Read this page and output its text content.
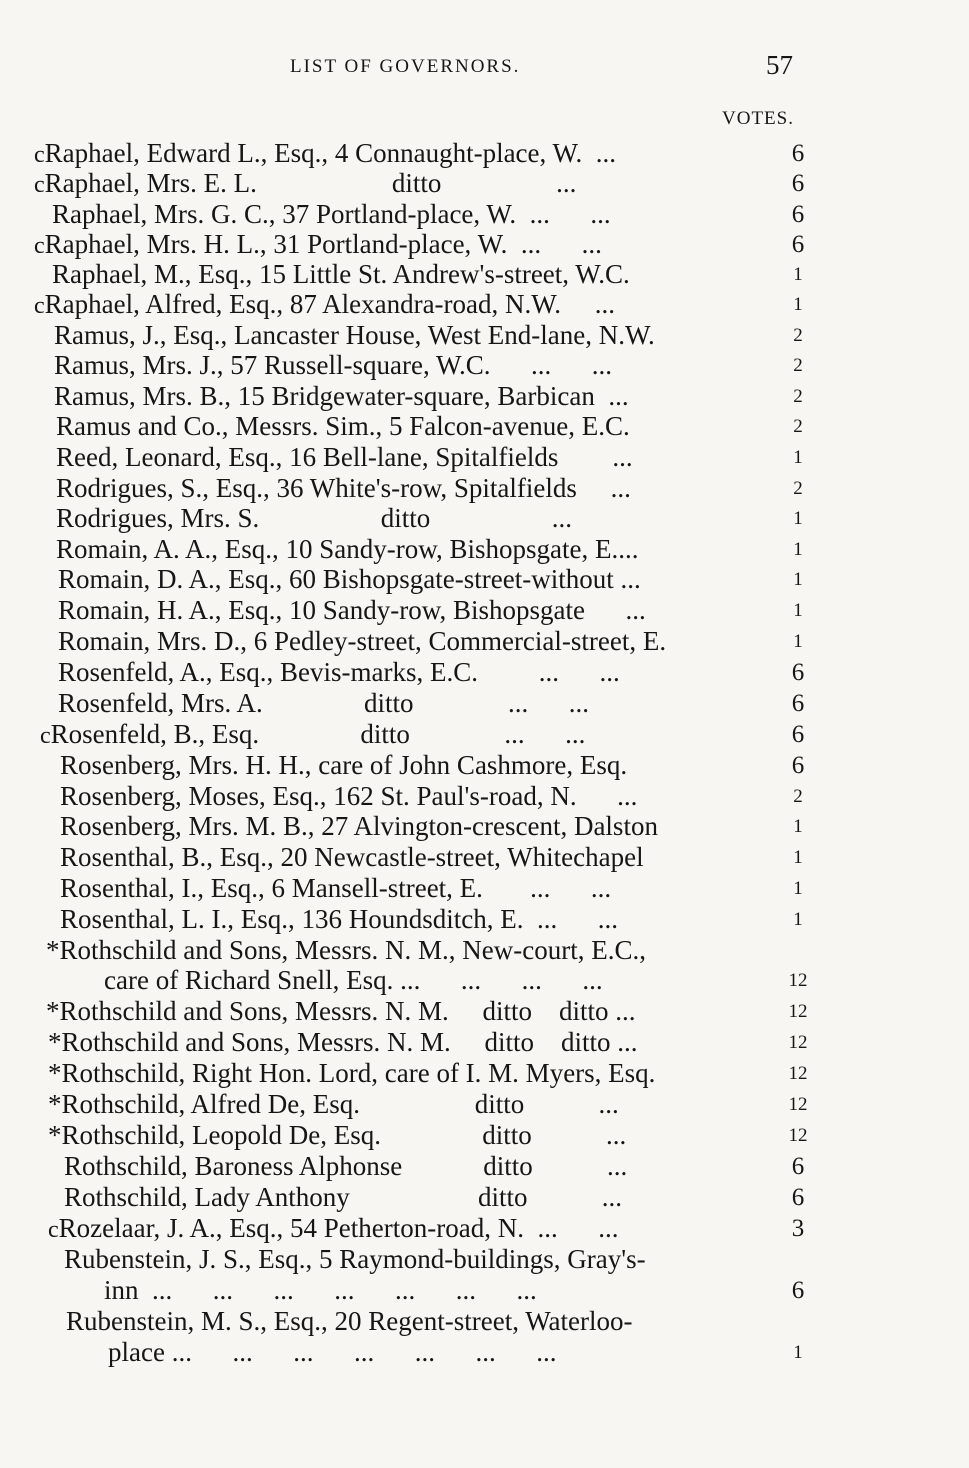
LIST OF GOVERNORS.	57
VOTES.
cRaphael, Edward L., Esq., 4 Connaught-place, W.  ...	6
cRaphael, Mrs. E. L.                    ditto                 ...	6
Raphael, Mrs. G. C., 37 Portland-place, W.  ...      ...	6
cRaphael, Mrs. H. L., 31 Portland-place, W.  ...      ...	6
Raphael, M., Esq., 15 Little St. Andrew's-street, W.C.	1
cRaphael, Alfred, Esq., 87 Alexandra-road, N.W.     ...	1
Ramus, J., Esq., Lancaster House, West End-lane, N.W.	2
Ramus, Mrs. J., 57 Russell-square, W.C.      ...      ...	2
Ramus, Mrs. B., 15 Bridgewater-square, Barbican  ...	2
Ramus and Co., Messrs. Sim., 5 Falcon-avenue, E.C.	2
Reed, Leonard, Esq., 16 Bell-lane, Spitalfields        ...	1
Rodrigues, S., Esq., 36 White's-row, Spitalfields     ...	2
Rodrigues, Mrs. S.                  ditto                  ...	1
Romain, A. A., Esq., 10 Sandy-row, Bishopsgate, E....	1
Romain, D. A., Esq., 60 Bishopsgate-street-without ...	1
Romain, H. A., Esq., 10 Sandy-row, Bishopsgate      ...	1
Romain, Mrs. D., 6 Pedley-street, Commercial-street, E.	1
Rosenfeld, A., Esq., Bevis-marks, E.C.         ...      ...	6
Rosenfeld, Mrs. A.               ditto              ...      ...	6
cRosenfeld, B., Esq.               ditto              ...      ...	6
Rosenberg, Mrs. H. H., care of John Cashmore, Esq.	6
Rosenberg, Moses, Esq., 162 St. Paul's-road, N.      ...	2
Rosenberg, Mrs. M. B., 27 Alvington-crescent, Dalston	1
Rosenthal, B., Esq., 20 Newcastle-street, Whitechapel	1
Rosenthal, I., Esq., 6 Mansell-street, E.       ...      ...	1
Rosenthal, L. I., Esq., 136 Houndsditch, E.  ...      ...	1
*Rothschild and Sons, Messrs. N. M., New-court, E.C.,
care of Richard Snell, Esq. ...      ...      ...      ...	12
*Rothschild and Sons, Messrs. N. M.     ditto    ditto ...	12
*Rothschild and Sons, Messrs. N. M.     ditto    ditto ...	12
*Rothschild, Right Hon. Lord, care of I. M. Myers, Esq.	12
*Rothschild, Alfred De, Esq.                 ditto           ...	12
*Rothschild, Leopold De, Esq.               ditto           ...	12
Rothschild, Baroness Alphonse            ditto           ...	6
Rothschild, Lady Anthony                   ditto           ...	6
cRozelaar, J. A., Esq., 54 Petherton-road, N.  ...      ...	3
Rubenstein, J. S., Esq., 5 Raymond-buildings, Gray's-
inn  ...      ...      ...      ...      ...      ...      ...	6
Rubenstein, M. S., Esq., 20 Regent-street, Waterloo-
place ...      ...      ...      ...      ...      ...      ...	1
